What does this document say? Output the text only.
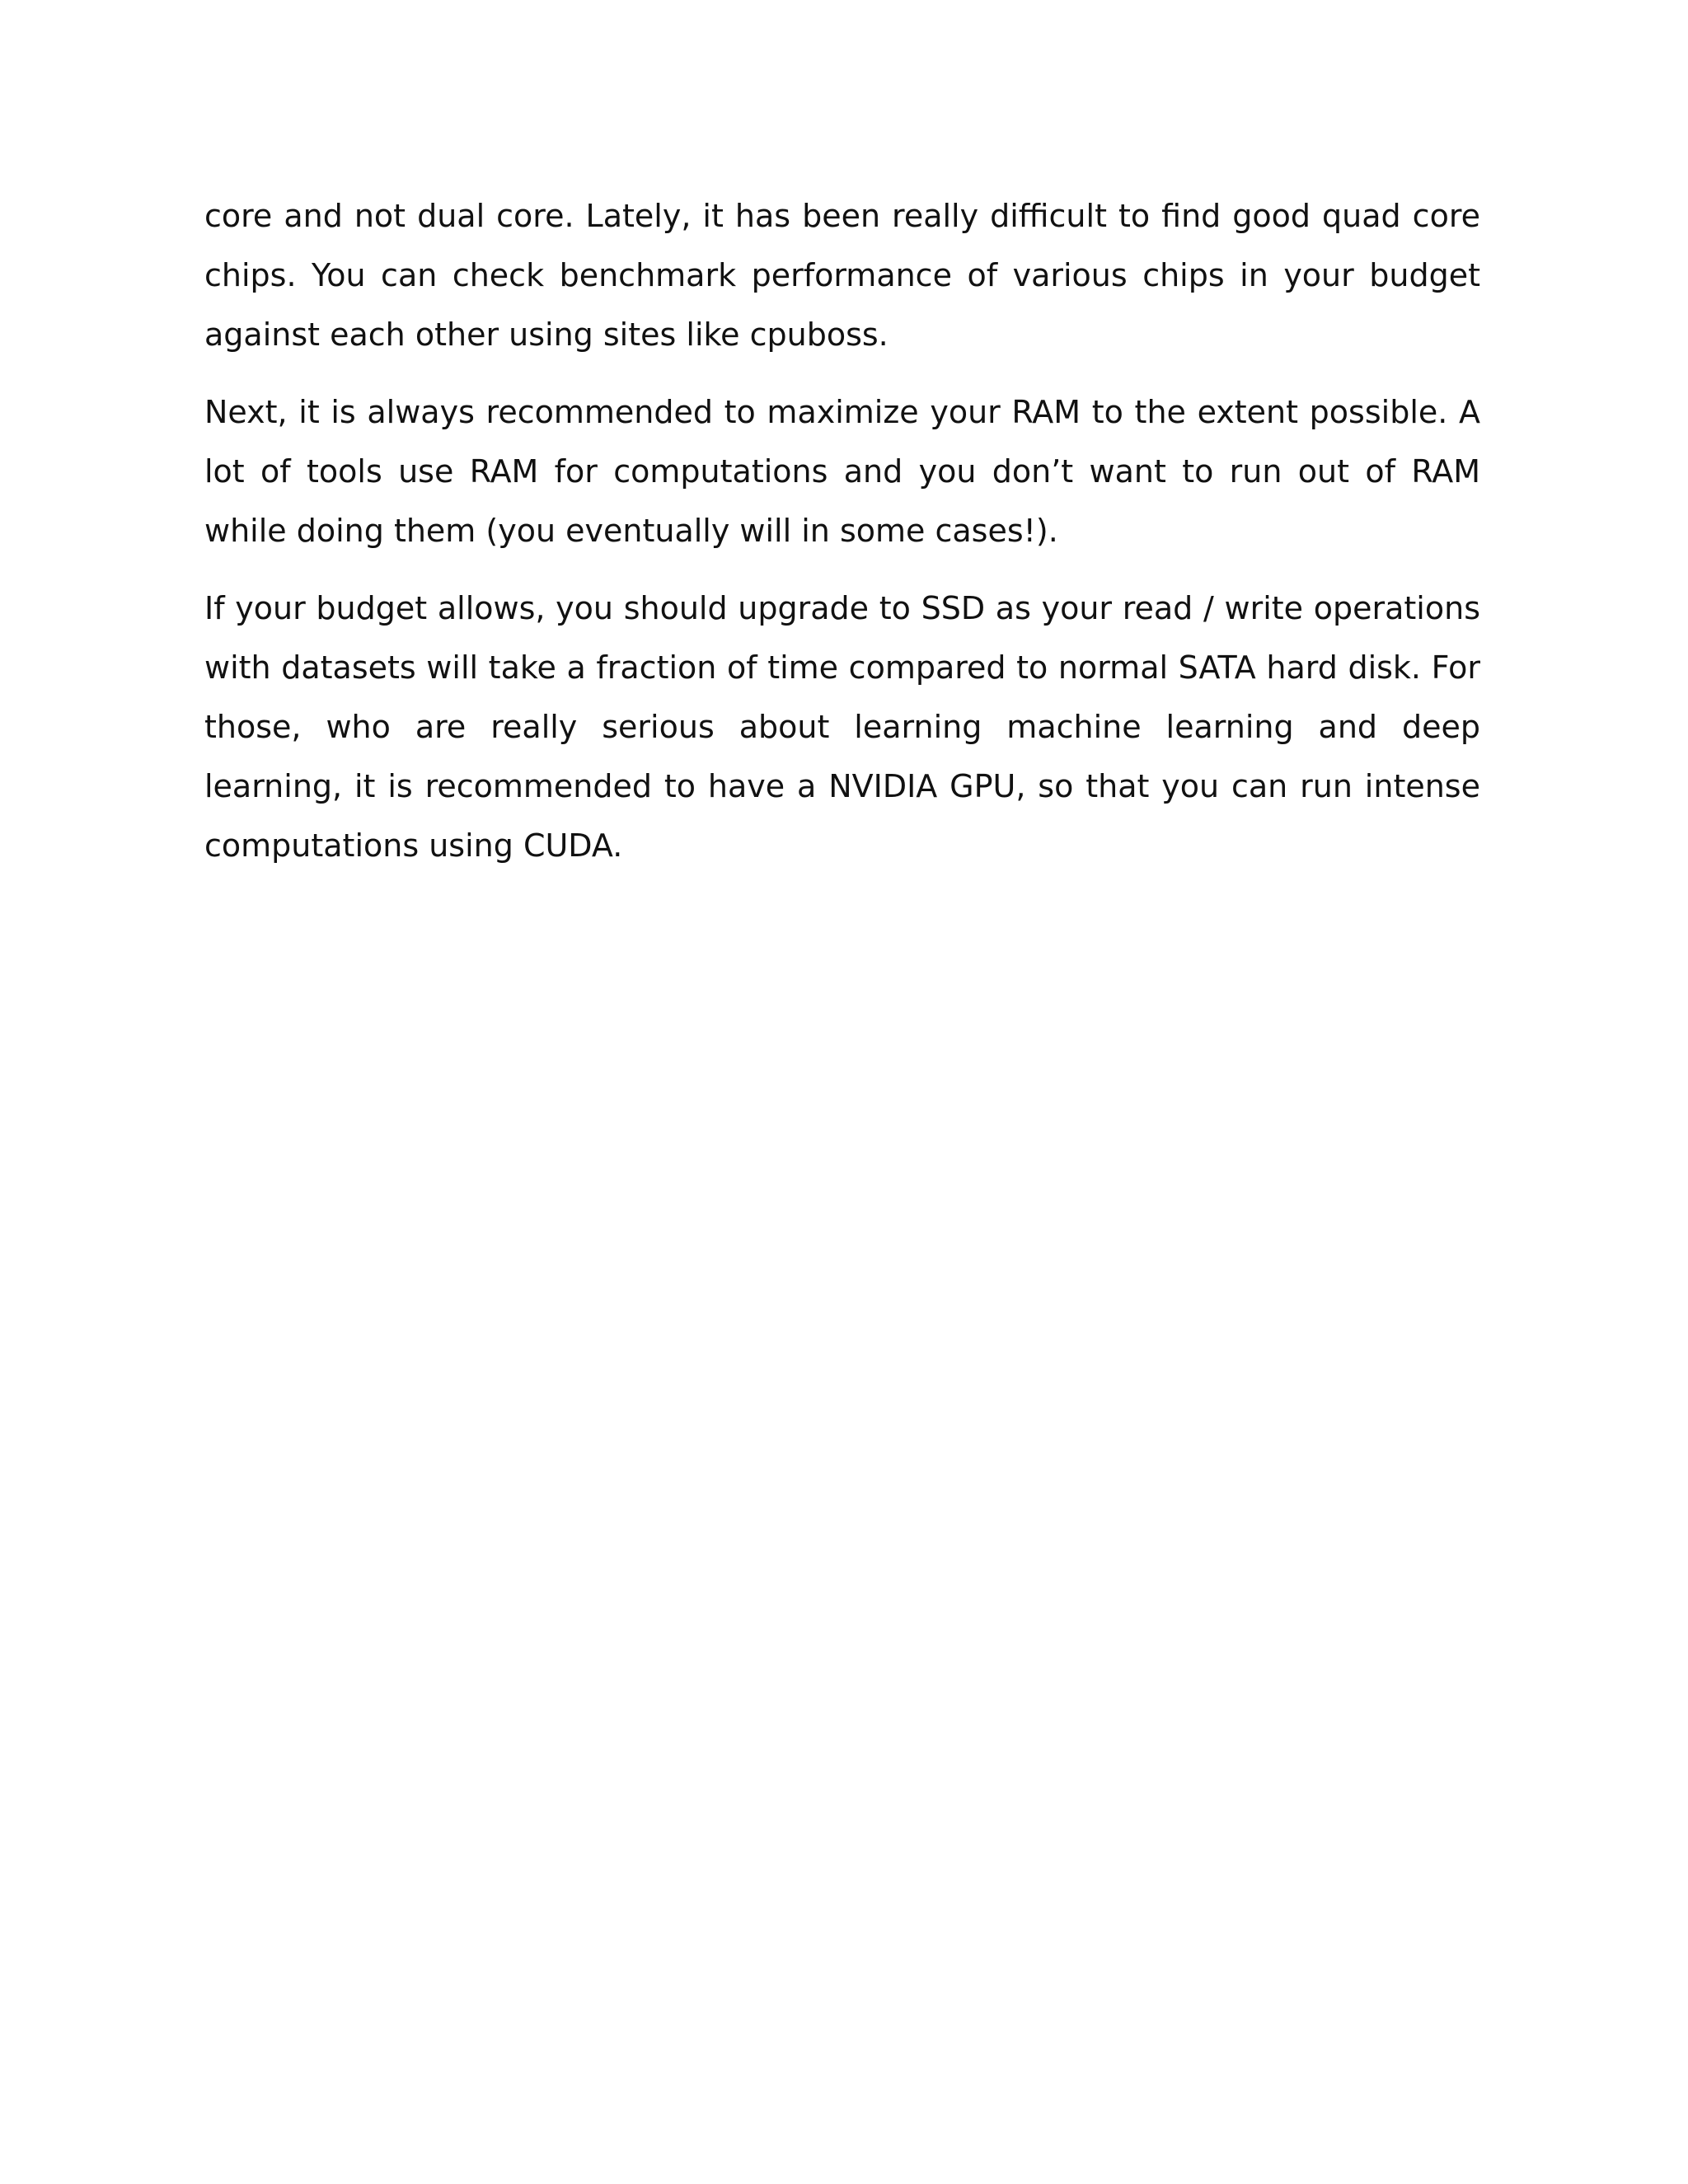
core and not dual core. Lately, it has been really difficult to find good quad core chips. You can check benchmark performance of various chips in your budget against each other using sites like cpuboss.

Next, it is always recommended to maximize your RAM to the extent possible. A lot of tools use RAM for computations and you don’t want to run out of RAM while doing them (you eventually will in some cases!).

If your budget allows, you should upgrade to SSD as your read / write operations with datasets will take a fraction of time compared to normal SATA hard disk. For those, who are really serious about learning machine learning and deep learning, it is recommended to have a NVIDIA GPU, so that you can run intense computations using CUDA.
